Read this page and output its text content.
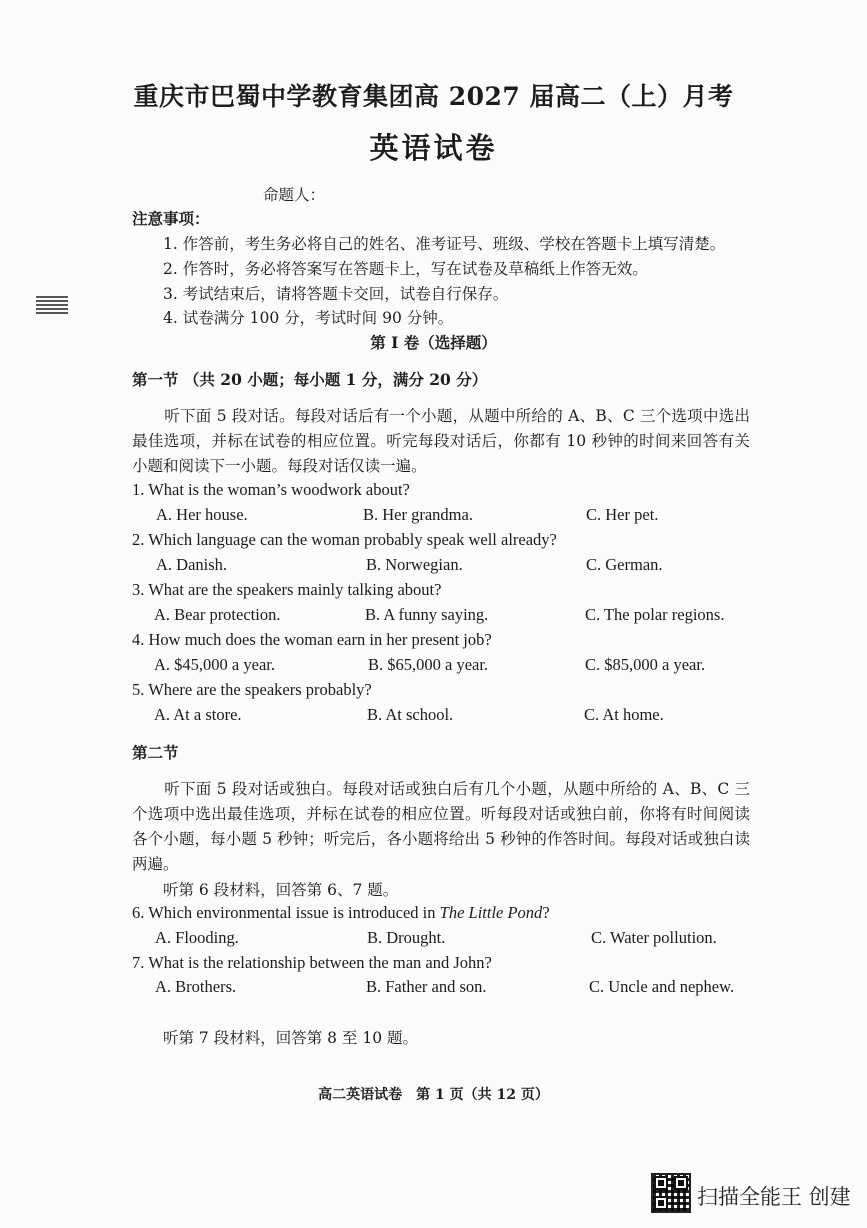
重庆市巴蜀中学教育集团高 2027 届高二（上）月考
英语试卷
命题人：
注意事项：
1. 作答前，考生务必将自己的姓名、准考证号、班级、学校在答题卡上填写清楚。
2. 作答时，务必将答案写在答题卡上，写在试卷及草稿纸上作答无效。
3. 考试结束后，请将答题卡交回，试卷自行保存。
4. 试卷满分 100 分，考试时间 90 分钟。
第 I 卷（选择题）
第一节 （共 20 小题；每小题 1 分，满分 20 分）
听下面 5 段对话。每段对话后有一个小题，从题中所给的 A、B、C 三个选项中选出最佳选项，并标在试卷的相应位置。听完每段对话后，你都有 10 秒钟的时间来回答有关小题和阅读下一小题。每段对话仅读一遍。
1. What is the woman’s woodwork about?
A. Her house.	B. Her grandma.	C. Her pet.
2. Which language can the woman probably speak well already?
A. Danish.	B. Norwegian.	C. German.
3. What are the speakers mainly talking about?
A. Bear protection.	B. A funny saying.	C. The polar regions.
4. How much does the woman earn in her present job?
A. $45,000 a year.	B. $65,000 a year.	C. $85,000 a year.
5. Where are the speakers probably?
A. At a store.	B. At school.	C. At home.
第二节
听下面 5 段对话或独白。每段对话或独白后有几个小题，从题中所给的 A、B、C 三个选项中选出最佳选项，并标在试卷的相应位置。听每段对话或独白前，你将有时间阅读各个小题，每小题 5 秒钟；听完后，各小题将给出 5 秒钟的作答时间。每段对话或独白读两遍。
听第 6 段材料，回答第 6、7 题。
6. Which environmental issue is introduced in The Little Pond?
A. Flooding.	B. Drought.	C. Water pollution.
7. What is the relationship between the man and John?
A. Brothers.	B. Father and son.	C. Uncle and nephew.
听第 7 段材料，回答第 8 至 10 题。
高二英语试卷　第 1 页（共 12 页）
扫描全能王 创建
